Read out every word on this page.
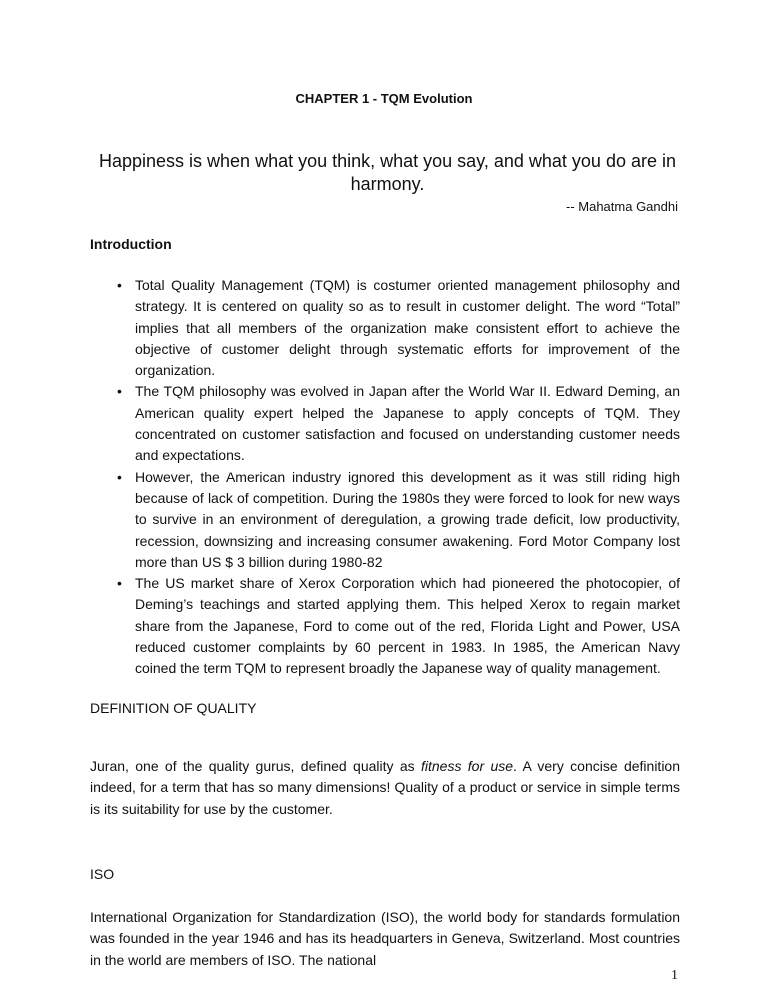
CHAPTER 1 - TQM Evolution
Happiness is when what you think, what you say, and what you do are in harmony.
-- Mahatma Gandhi
Introduction
• Total Quality Management (TQM) is costumer oriented management philosophy and strategy. It is centered on quality so as to result in customer delight. The word “Total” implies that all members of the organization make consistent effort to achieve the objective of customer delight through systematic efforts for improvement of the organization.
• The TQM philosophy was evolved in Japan after the World War II. Edward Deming, an American quality expert helped the Japanese to apply concepts of TQM. They concentrated on customer satisfaction and focused on understanding customer needs and expectations.
• However, the American industry ignored this development as it was still riding high because of lack of competition. During the 1980s they were forced to look for new ways to survive in an environment of deregulation, a growing trade deficit, low productivity, recession, downsizing and increasing consumer awakening. Ford Motor Company lost more than US $ 3 billion during 1980-82
• The US market share of Xerox Corporation which had pioneered the photocopier, of Deming’s teachings and started applying them. This helped Xerox to regain market share from the Japanese, Ford to come out of the red, Florida Light and Power, USA reduced customer complaints by 60 percent in 1983. In 1985, the American Navy coined the term TQM to represent broadly the Japanese way of quality management.
DEFINITION OF QUALITY
Juran, one of the quality gurus, defined quality as fitness for use. A very concise definition indeed, for a term that has so many dimensions! Quality of a product or service in simple terms is its suitability for use by the customer.
ISO
International Organization for Standardization (ISO), the world body for standards formulation was founded in the year 1946 and has its headquarters in Geneva, Switzerland. Most countries in the world are members of ISO. The national
1
